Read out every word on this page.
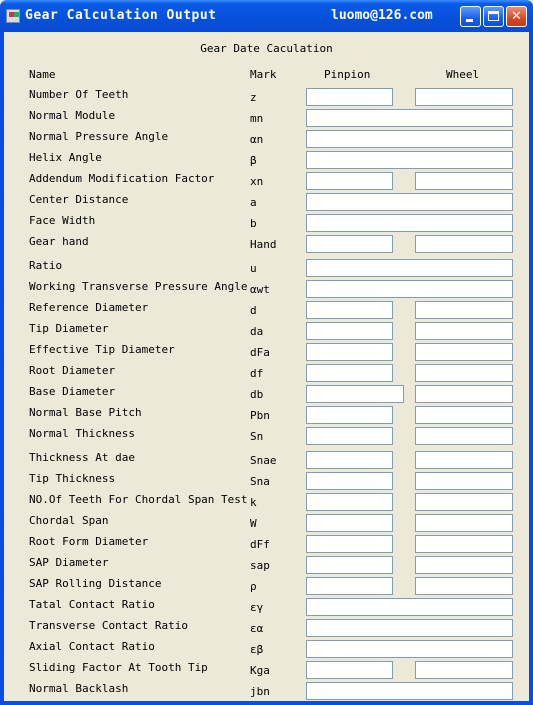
Gear Calculation Output	luomo@126.com	✕
Gear Date Caculation
Name	Mark	Pinpion	Wheel
Number Of Teeth	z
Normal Module	mn
Normal Pressure Angle	αn
Helix Angle	β
Addendum Modification Factor	xn
Center Distance	a
Face Width	b
Gear hand	Hand
Ratio	u
Working Transverse Pressure Angle αwt
Reference Diameter	d
Tip Diameter	da
Effective Tip Diameter	dFa
Root Diameter	df
Base Diameter	db
Normal Base Pitch	Pbn
Normal Thickness	Sn
Thickness At dae	Snae
Tip Thickness	Sna
NO.Of Teeth For Chordal Span Test k
Chordal Span	W
Root Form Diameter	dFf
SAP Diameter	sap
SAP Rolling Distance	ρ
Tatal Contact Ratio	εγ
Transverse Contact Ratio	εα
Axial Contact Ratio	εβ
Sliding Factor At Tooth Tip	Kga
Normal Backlash	jbn
